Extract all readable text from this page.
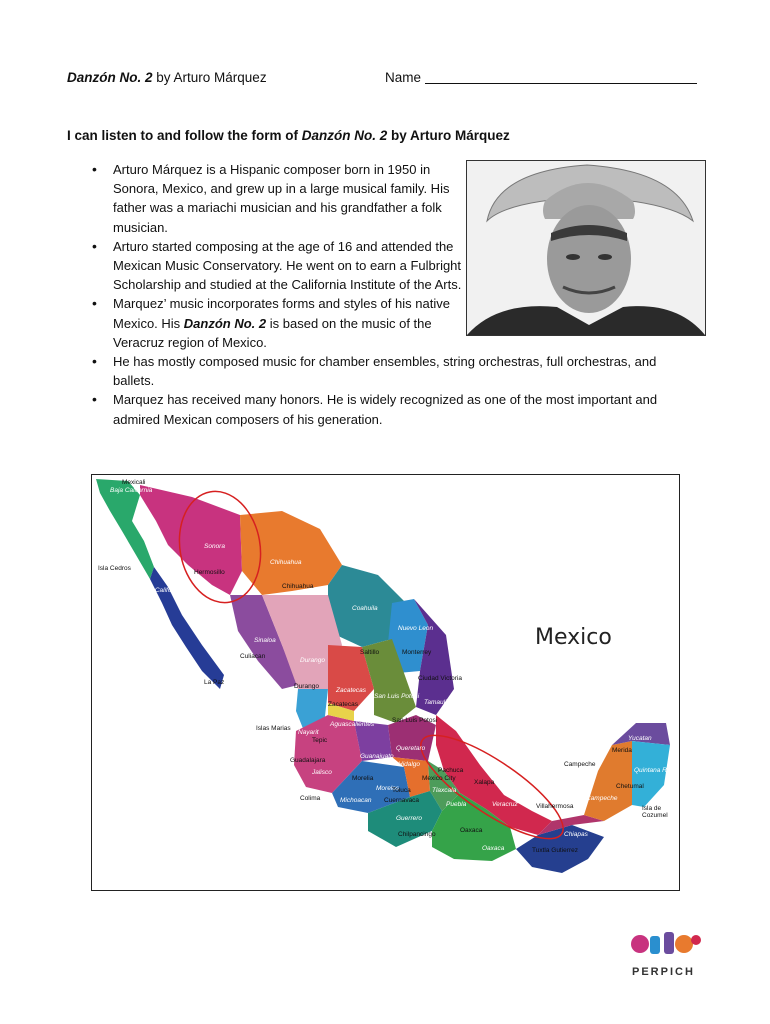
Danzón No. 2 by Arturo Márquez	Name
I can listen to and follow the form of Danzón No. 2 by Arturo Márquez
• Arturo Márquez is a Hispanic composer born in 1950 in Sonora, Mexico, and grew up in a large musical family. His father was a mariachi musician and his grandfather a folk musician.
• Arturo started composing at the age of 16 and attended the Mexican Music Conservatory. He went on to earn a Fulbright Scholarship and studied at the California Institute of the Arts.
• Marquez’ music incorporates forms and styles of his native Mexico. His Danzón No. 2 is based on the music of the Veracruz region of Mexico.
• He has mostly composed music for chamber ensembles, string orchestras, full orchestras, and ballets.
• Marquez has received many honors. He is widely recognized as one of the most important and admired Mexican composers of his generation.
Mexico
Baja California
Sonora
Chihuahua
Coahuila
Nuevo Leon
Sinaloa
Durango
Tamaulipas
Zacatecas
San Luis Potosi
Nayarit
Aguascalientes
Jalisco
Guanajuato
Michoacan
Guerrero
Oaxaca
Veracruz
Puebla
Chiapas
Tabasco Campeche
Yucatan
Quintana Roo
Baja California Sur
Queretaro
Hidalgo
Morelos	Tlaxcala
Mexicali
Isla Cedros
Hermosillo
Chihuahua
Saltillo	Monterrey
Culiacan
Durango
Ciudad Victoria
Zacatecas
San Luis Potosi
Islas Marias
Tepic
Guadalajara
Colima
Morelia
Toluca
Cuernavaca
Mexico City
Pachuca
Xalapa
Villahermosa
Chilpancingo
Oaxaca
Tuxtla Gutierrez
Merida
Campeche
Chetumal
Isla de Cozumel
La Paz
PERPICH
